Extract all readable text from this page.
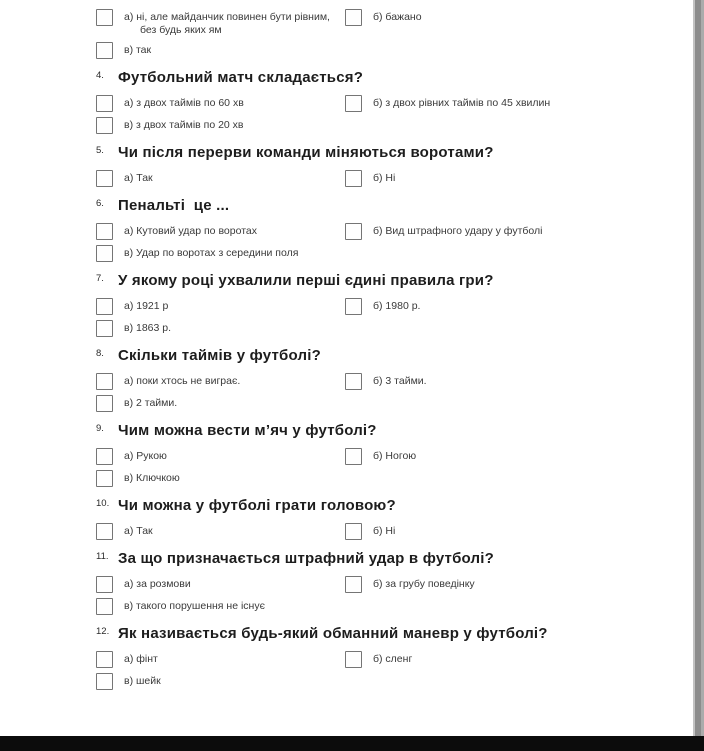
а) ні, але майданчик повинен бути рівним, без будь яких ям
б) бажано
в) так
4. Футбольний матч складається?
а) з двох таймів по 60 хв	б) з двох рівних таймів по 45 хвилин
в) з двох таймів по 20 хв
5. Чи після перерви команди міняються воротами?
а) Так	б) Ні
6. Пенальті  це ...
а) Кутовий удар по воротах	б) Вид штрафного удару у футболі
в) Удар по воротах з середини поля
7. У якому році ухвалили перші єдині правила гри?
а) 1921 р	б) 1980 р.
в) 1863 р.
8. Скільки таймів у футболі?
а) поки хтось не виграє.	б) 3 тайми.
в) 2 тайми.
9. Чим можна вести м’яч у футболі?
а) Рукою	б) Ногою
в) Ключкою
10. Чи можна у футболі грати головою?
а) Так	б) Ні
11. За що призначається штрафний удар в футболі?
а) за розмови	б) за грубу поведінку
в) такого порушення не існує
12. Як називається будь-який обманний маневр у футболі?
а) фінт	б) сленг
в) шейк
